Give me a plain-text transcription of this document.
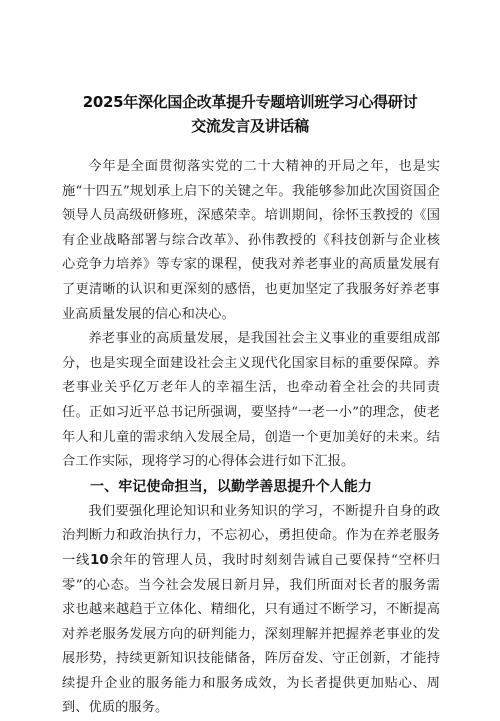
2025年深化国企改革提升专题培训班学习心得研讨交流发言及讲话稿

今年是全面贯彻落实党的二十大精神的开局之年，也是实施“十四五”规划承上启下的关键之年。我能够参加此次国资国企领导人员高级研修班，深感荣幸。培训期间，徐怀玉教授的《国有企业战略部署与综合改革》、孙伟教授的《科技创新与企业核心竞争力培养》等专家的课程，使我对养老事业的高质量发展有了更清晰的认识和更深刻的感悟，也更加坚定了我服务好养老事业高质量发展的信心和决心。

养老事业的高质量发展，是我国社会主义事业的重要组成部分，也是实现全面建设社会主义现代化国家目标的重要保障。养老事业关乎亿万老年人的幸福生活，也牵动着全社会的共同责任。正如习近平总书记所强调，要坚持“一老一小”的理念，使老年人和儿童的需求纳入发展全局，创造一个更加美好的未来。结合工作实际，现将学习的心得体会进行如下汇报。

一、牢记使命担当，以勤学善思提升个人能力

我们要强化理论知识和业务知识的学习，不断提升自身的政治判断力和政治执行力，不忘初心，勇担使命。作为在养老服务一线10余年的管理人员，我时时刻刻告诫自己要保持“空杯归零”的心态。当今社会发展日新月异，我们所面对长者的服务需求也越来越趋于立体化、精细化，只有通过不断学习，不断提高对养老服务发展方向的研判能力，深刻理解并把握养老事业的发展形势，持续更新知识技能储备，阵厉奋发、守正创新，才能持续提升企业的服务能力和服务成效，为长者提供更加贴心、周到、优质的服务。
